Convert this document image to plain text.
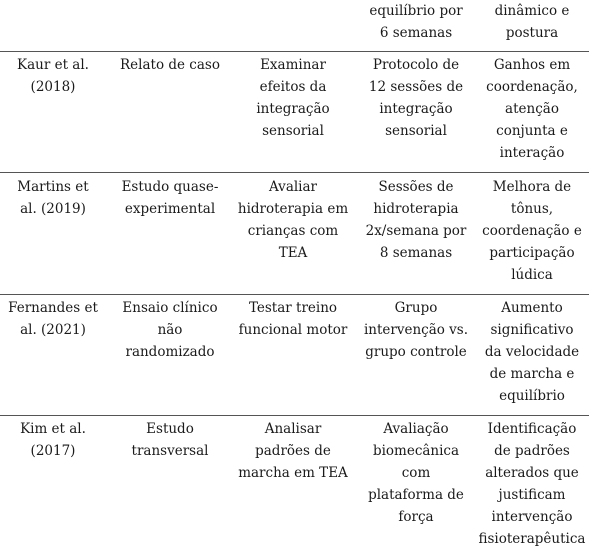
equilíbrio por
6 semanas
dinâmico e
postura
Kaur et al.
(2018)
Relato de caso	Examinar
efeitos da
integração
sensorial
Protocolo de
12 sessões de
integração
sensorial
Ganhos em
coordenação,
atenção
conjunta e
interação
Martins et
al. (2019)
Estudo quase-
experimental
Avaliar
hidroterapia em
crianças com
TEA
Sessões de
hidroterapia
2x/semana por
8 semanas
Melhora de
tônus,
coordenação e
participação
lúdica
Fernandes et
al. (2021)
Ensaio clínico
não
randomizado
Testar treino
funcional motor
Grupo
intervenção vs.
grupo controle
Aumento
significativo
da velocidade
de marcha e
equilíbrio
Kim et al.
(2017)
Estudo
transversal
Analisar
padrões de
marcha em TEA
Avaliação
biomecânica
com
plataforma de
força
Identificação
de padrões
alterados que
justificam
intervenção
fisioterapêutica
